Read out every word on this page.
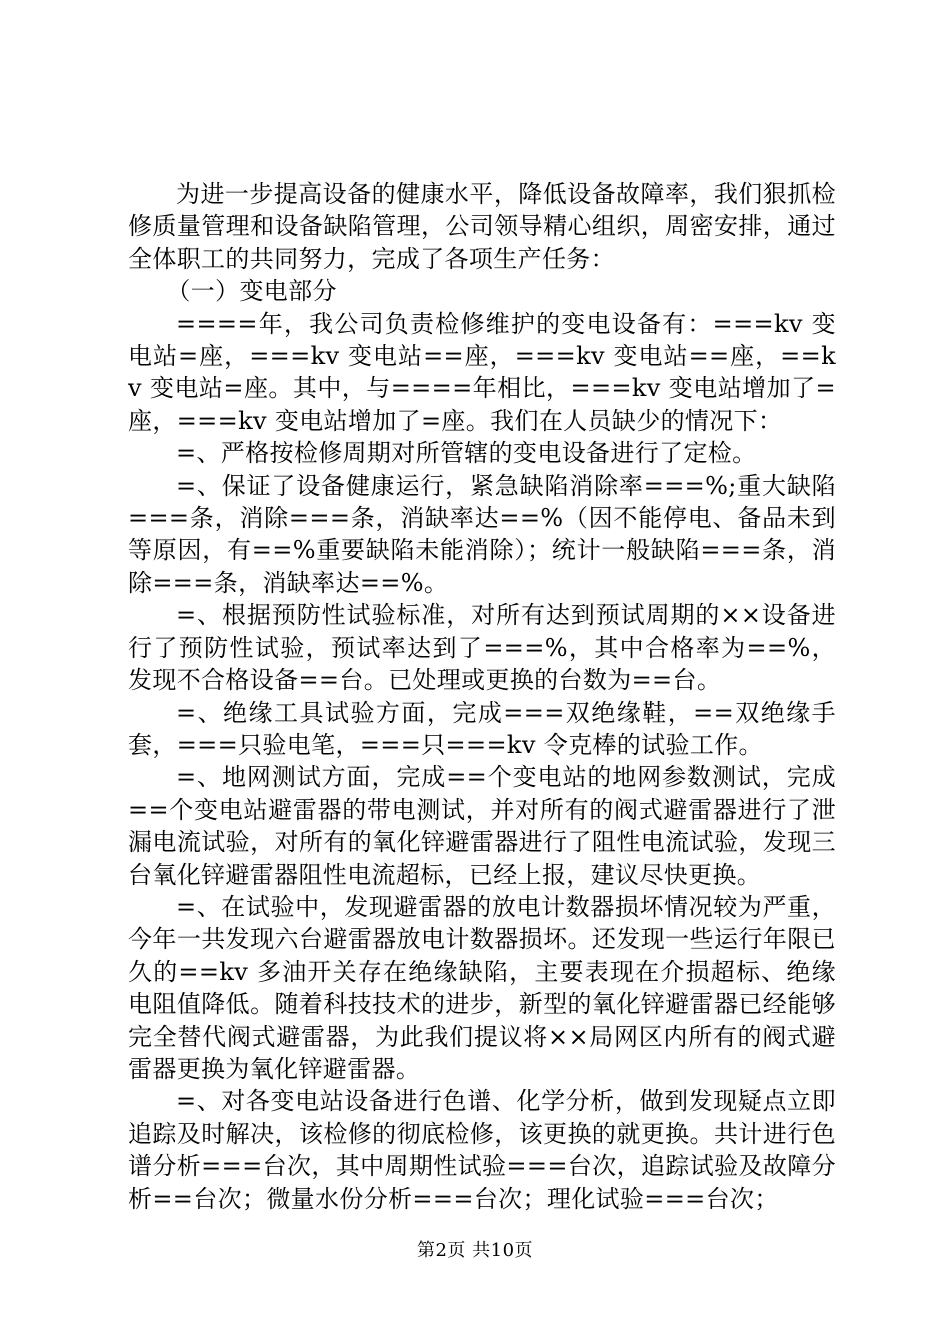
为进一步提高设备的健康水平，降低设备故障率，我们狠抓检修质量管理和设备缺陷管理，公司领导精心组织，周密安排，通过全体职工的共同努力，完成了各项生产任务：

（一）变电部分

====年，我公司负责检修维护的变电设备有：===kv 变电站=座，===kv 变电站==座，===kv 变电站==座，==kv 变电站=座。其中，与====年相比，===kv 变电站增加了=座，===kv 变电站增加了=座。我们在人员缺少的情况下：

=、严格按检修周期对所管辖的变电设备进行了定检。

=、保证了设备健康运行，紧急缺陷消除率===%;重大缺陷===条，消除===条，消缺率达==%（因不能停电、备品未到等原因，有==%重要缺陷未能消除）；统计一般缺陷===条，消除===条，消缺率达==%。

=、根据预防性试验标准，对所有达到预试周期的××设备进行了预防性试验，预试率达到了===%，其中合格率为==%，发现不合格设备==台。已处理或更换的台数为==台。

=、绝缘工具试验方面，完成===双绝缘鞋，==双绝缘手套，===只验电笔，===只===kv 令克棒的试验工作。

=、地网测试方面，完成==个变电站的地网参数测试，完成==个变电站避雷器的带电测试，并对所有的阀式避雷器进行了泄漏电流试验，对所有的氧化锌避雷器进行了阻性电流试验，发现三台氧化锌避雷器阻性电流超标，已经上报，建议尽快更换。

=、在试验中，发现避雷器的放电计数器损坏情况较为严重，今年一共发现六台避雷器放电计数器损坏。还发现一些运行年限已久的==kv 多油开关存在绝缘缺陷，主要表现在介损超标、绝缘电阻值降低。随着科技技术的进步，新型的氧化锌避雷器已经能够完全替代阀式避雷器，为此我们提议将××局网区内所有的阀式避雷器更换为氧化锌避雷器。

=、对各变电站设备进行色谱、化学分析，做到发现疑点立即追踪及时解决，该检修的彻底检修，该更换的就更换。共计进行色谱分析===台次，其中周期性试验===台次，追踪试验及故障分析==台次；微量水份分析===台次；理化试验===台次；

第2页 共10页
